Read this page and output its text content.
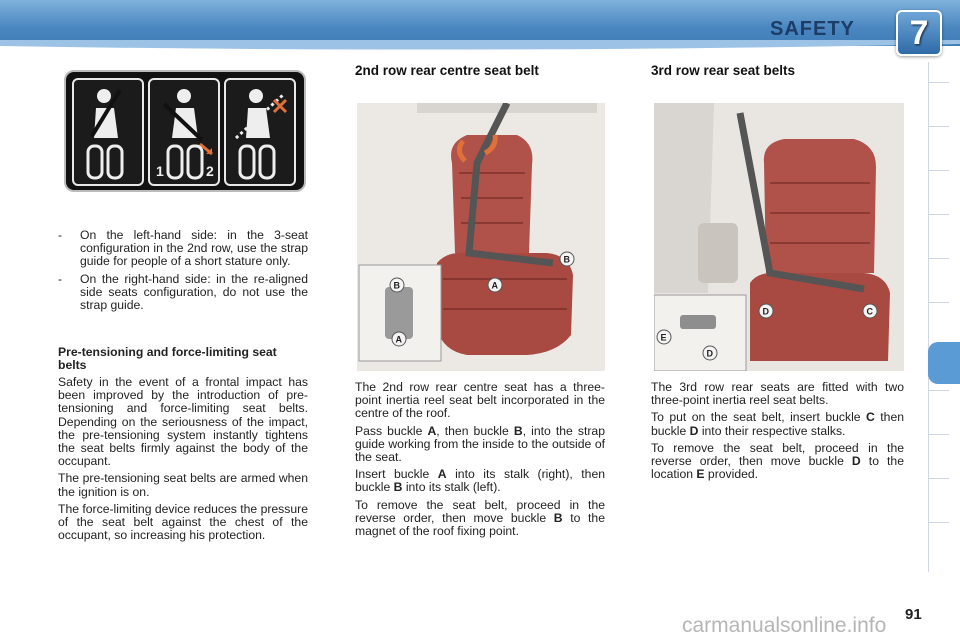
SAFETY 7
1	2
- On the left-hand side: in the 3-seat configuration in the 2nd row, use the strap guide for people of a short stature only.
- On the right-hand side: in the re-aligned side seats configuration, do not use the strap guide.
Pre-tensioning and force-limiting seat belts

Safety in the event of a frontal impact has been improved by the introduction of pre-tensioning and force-limiting seat belts. Depending on the seriousness of the impact, the pre-tensioning system instantly tightens the seat belts firmly against the body of the occupant.

The pre-tensioning seat belts are armed when the ignition is on.

The force-limiting device reduces the pressure of the seat belt against the chest of the occupant, so increasing his protection.

2nd row rear centre seat belt
A
B
B
A

The 2nd row rear centre seat has a three-point inertia reel seat belt incorporated in the centre of the roof.

Pass buckle A, then buckle B, into the strap guide working from the inside to the outside of the seat.

Insert buckle A into its stalk (right), then buckle B into its stalk (left).

To remove the seat belt, proceed in the reverse order, then move buckle B to the magnet of the roof fixing point.

3rd row rear seat belts
D	C
E
D

The 3rd row rear seats are fitted with two three-point inertia reel seat belts.

To put on the seat belt, insert buckle C then buckle D into their respective stalks.

To remove the seat belt, proceed in the reverse order, then move buckle D to the location E provided.

carmanualsonline.info 91
